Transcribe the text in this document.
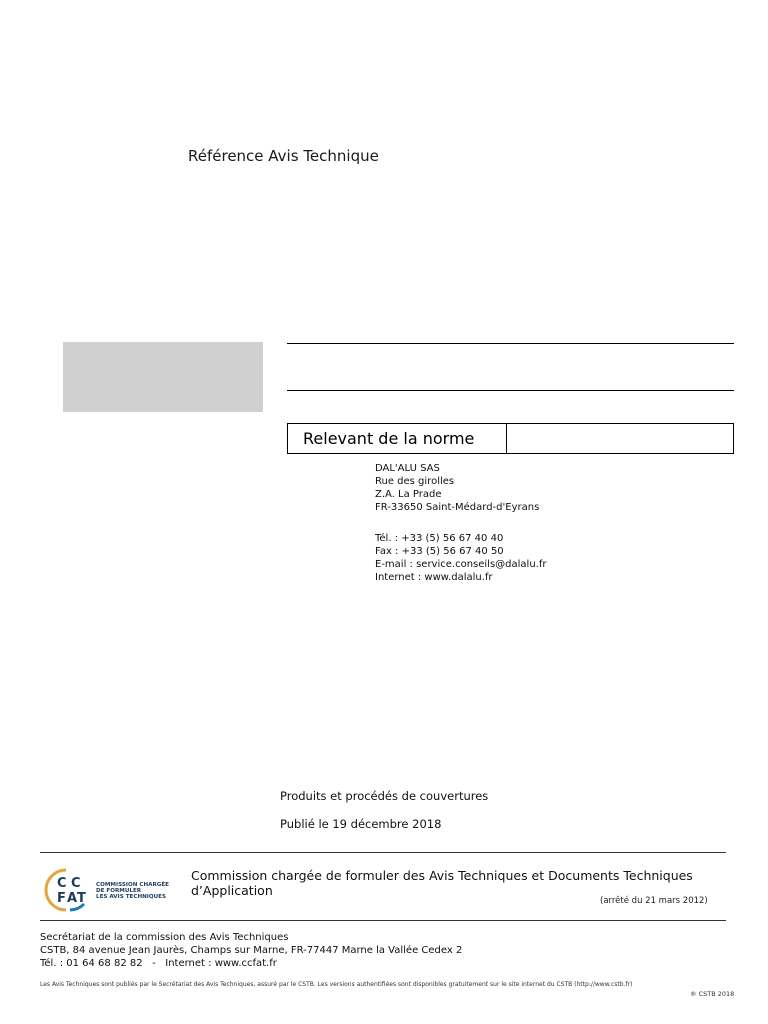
Référence Avis Technique
Relevant de la norme
DAL'ALU SAS
Rue des girolles
Z.A. La Prade
FR-33650 Saint-Médard-d'Eyrans
Tél. : +33 (5) 56 67 40 40
Fax : +33 (5) 56 67 40 50
E-mail : service.conseils@dalalu.fr
Internet : www.dalalu.fr
Produits et procédés de couvertures
Publié le 19 décembre 2018
C C
F A T
COMMISSION CHARGÉE
DE FORMULER
LES AVIS TECHNIQUES
Commission chargée de formuler des Avis Techniques et Documents Techniques d’Application
(arrêté du 21 mars 2012)
Secrétariat de la commission des Avis Techniques
CSTB, 84 avenue Jean Jaurès, Champs sur Marne, FR-77447 Marne la Vallée Cedex 2
Tél. : 01 64 68 82 82   -   Internet : www.ccfat.fr
Les Avis Techniques sont publiés par le Secrétariat des Avis Techniques, assuré par le CSTB. Les versions authentifiées sont disponibles gratuitement sur le site internet du CSTB (http://www.cstb.fr)
® CSTB 2018
